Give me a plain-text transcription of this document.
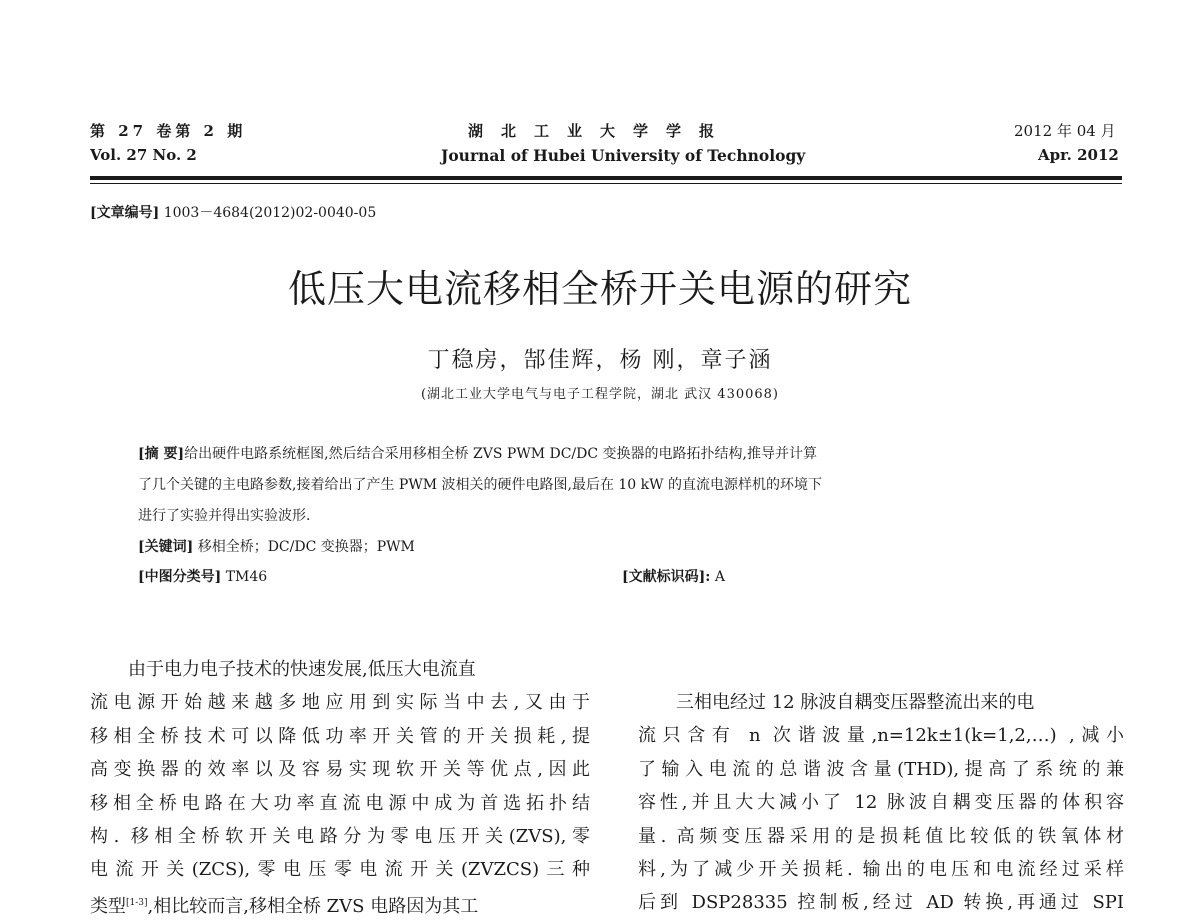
第 27 卷第 2 期
Vol. 27 No. 2
湖北工业大学学报
Journal of Hubei University of Technology
2012 年 04 月
Apr. 2012
[文章编号] 1003－4684(2012)02-0040-05
低压大电流移相全桥开关电源的研究
丁稳房，郜佳辉，杨 刚，章子涵
(湖北工业大学电气与电子工程学院，湖北 武汉 430068)
[摘 要]给出硬件电路系统框图,然后结合采用移相全桥 ZVS PWM DC/DC 变换器的电路拓扑结构,推导并计算
了几个关键的主电路参数,接着给出了产生 PWM 波相关的硬件电路图,最后在 10 kW 的直流电源样机的环境下
进行了实验并得出实验波形.
[关键词] 移相全桥；DC/DC 变换器；PWM
[中图分类号] TM46	[文献标识码]: A
由于电力电子技术的快速发展,低压大电流直
流电源开始越来越多地应用到实际当中去,又由于
移相全桥技术可以降低功率开关管的开关损耗,提
高变换器的效率以及容易实现软开关等优点,因此
移相全桥电路在大功率直流电源中成为首选拓扑结
构. 移相全桥软开关电路分为零电压开关(ZVS),零
电流开关(ZCS),零电压零电流开关(ZVZCS)三种
类型[1-3],相比较而言,移相全桥 ZVS 电路因为其工
三相电经过 12 脉波自耦变压器整流出来的电
流只含有 n 次谐波量,n=12k±1(k=1,2,…) ,减小
了输入电流的总谐波含量(THD),提高了系统的兼
容性,并且大大减小了 12 脉波自耦变压器的体积容
量. 高频变压器采用的是损耗值比较低的铁氧体材
料,为了减少开关损耗. 输出的电压和电流经过采样
后到 DSP28335 控制板,经过 AD 转换,再通过 SPI
